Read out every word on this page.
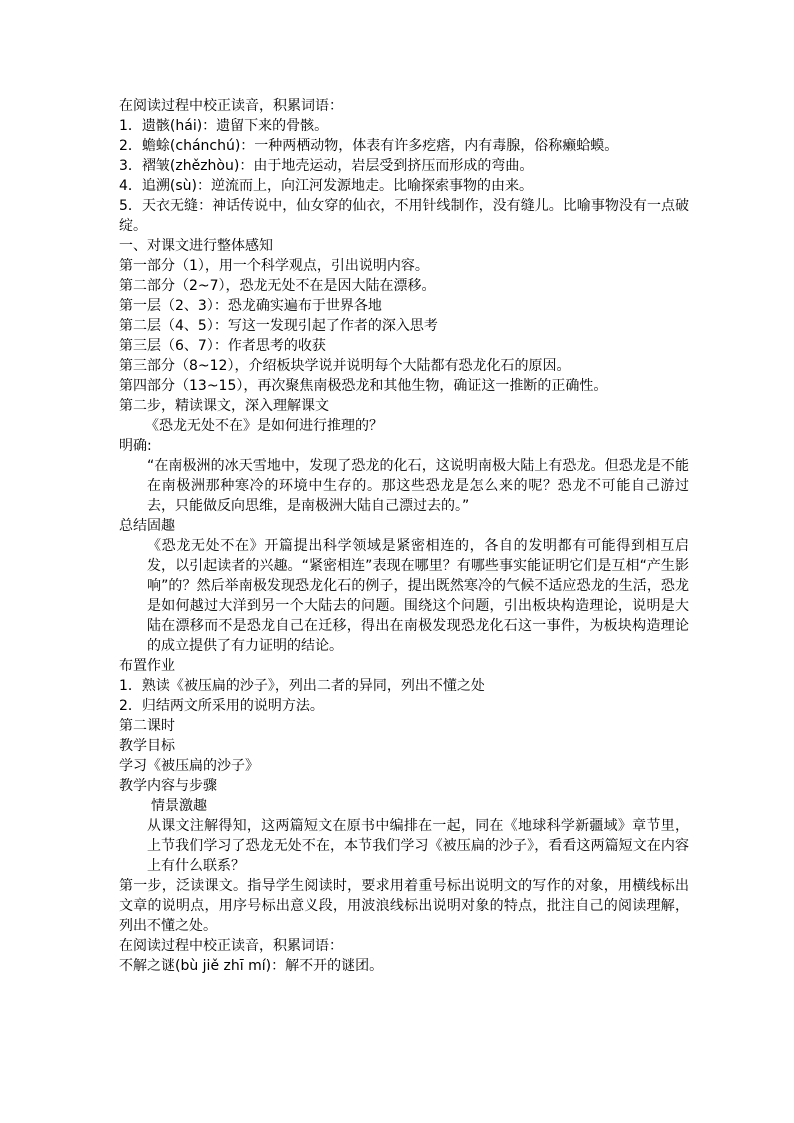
在阅读过程中校正读音，积累词语：
1．遗骸(hái)：遗留下来的骨骸。
2．蟾蜍(chánchú)：一种两栖动物，体表有许多疙瘩，内有毒腺，俗称癞蛤蟆。
3．褶皱(zhězhòu)：由于地壳运动，岩层受到挤压而形成的弯曲。
4．追溯(sù)：逆流而上，向江河发源地走。比喻探索事物的由来。
5．天衣无缝：神话传说中，仙女穿的仙衣，不用针线制作，没有缝儿。比喻事物没有一点破绽。
一、对课文进行整体感知
第一部分（1），用一个科学观点，引出说明内容。
第二部分（2~7），恐龙无处不在是因大陆在漂移。
第一层（2、3）：恐龙确实遍布于世界各地
第二层（4、5）：写这一发现引起了作者的深入思考
第三层（6、7）：作者思考的收获
第三部分（8~12），介绍板块学说并说明每个大陆都有恐龙化石的原因。
第四部分（13~15），再次聚焦南极恐龙和其他生物，确证这一推断的正确性。
第二步，精读课文，深入理解课文
《恐龙无处不在》是如何进行推理的？
明确:
“在南极洲的冰天雪地中，发现了恐龙的化石，这说明南极大陆上有恐龙。但恐龙是不能在南极洲那种寒冷的环境中生存的。那这些恐龙是怎么来的呢？恐龙不可能自己游过去，只能做反向思维，是南极洲大陆自己漂过去的。”
总结固趣
《恐龙无处不在》开篇提出科学领域是紧密相连的，各自的发明都有可能得到相互启发，以引起读者的兴趣。“紧密相连”表现在哪里？有哪些事实能证明它们是互相“产生影响”的？然后举南极发现恐龙化石的例子，提出既然寒冷的气候不适应恐龙的生活，恐龙是如何越过大洋到另一个大陆去的问题。围绕这个问题，引出板块构造理论，说明是大陆在漂移而不是恐龙自己在迁移，得出在南极发现恐龙化石这一事件，为板块构造理论的成立提供了有力证明的结论。
布置作业
1．熟读《被压扁的沙子》，列出二者的异同，列出不懂之处
2．归结两文所采用的说明方法。
第二课时
教学目标
学习《被压扁的沙子》
教学内容与步骤
情景激趣
从课文注解得知，这两篇短文在原书中编排在一起，同在《地球科学新疆域》章节里，上节我们学习了恐龙无处不在，本节我们学习《被压扁的沙子》，看看这两篇短文在内容上有什么联系？
第一步，泛读课文。指导学生阅读时，要求用着重号标出说明文的写作的对象，用横线标出文章的说明点，用序号标出意义段，用波浪线标出说明对象的特点，批注自己的阅读理解，列出不懂之处。
在阅读过程中校正读音，积累词语：
不解之谜(bù jiě zhī mí)：解不开的谜团。
